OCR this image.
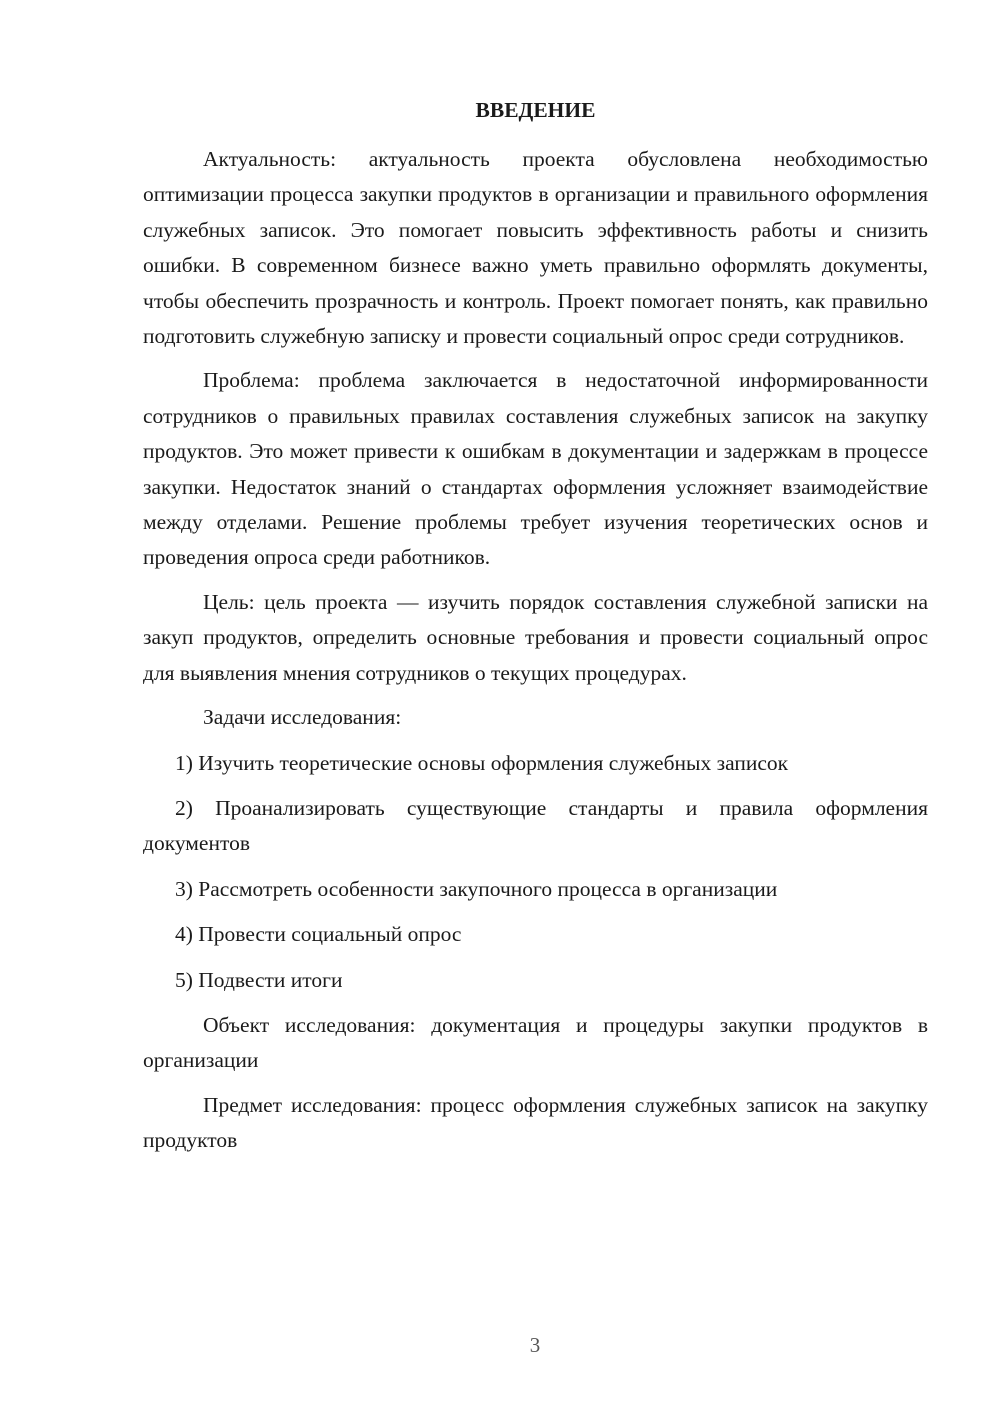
ВВЕДЕНИЕ

Актуальность: актуальность проекта обусловлена необходимостью оптимизации процесса закупки продуктов в организации и правильного оформления служебных записок. Это помогает повысить эффективность работы и снизить ошибки. В современном бизнесе важно уметь правильно оформлять документы, чтобы обеспечить прозрачность и контроль. Проект помогает понять, как правильно подготовить служебную записку и провести социальный опрос среди сотрудников.

Проблема: проблема заключается в недостаточной информированности сотрудников о правильных правилах составления служебных записок на закупку продуктов. Это может привести к ошибкам в документации и задержкам в процессе закупки. Недостаток знаний о стандартах оформления усложняет взаимодействие между отделами. Решение проблемы требует изучения теоретических основ и проведения опроса среди работников.

Цель: цель проекта — изучить порядок составления служебной записки на закуп продуктов, определить основные требования и провести социальный опрос для выявления мнения сотрудников о текущих процедурах.

Задачи исследования:

1) Изучить теоретические основы оформления служебных записок

2) Проанализировать существующие стандарты и правила оформления документов

3) Рассмотреть особенности закупочного процесса в организации

4) Провести социальный опрос

5) Подвести итоги

Объект исследования: документация и процедуры закупки продуктов в организации

Предмет исследования: процесс оформления служебных записок на закупку продуктов

3
